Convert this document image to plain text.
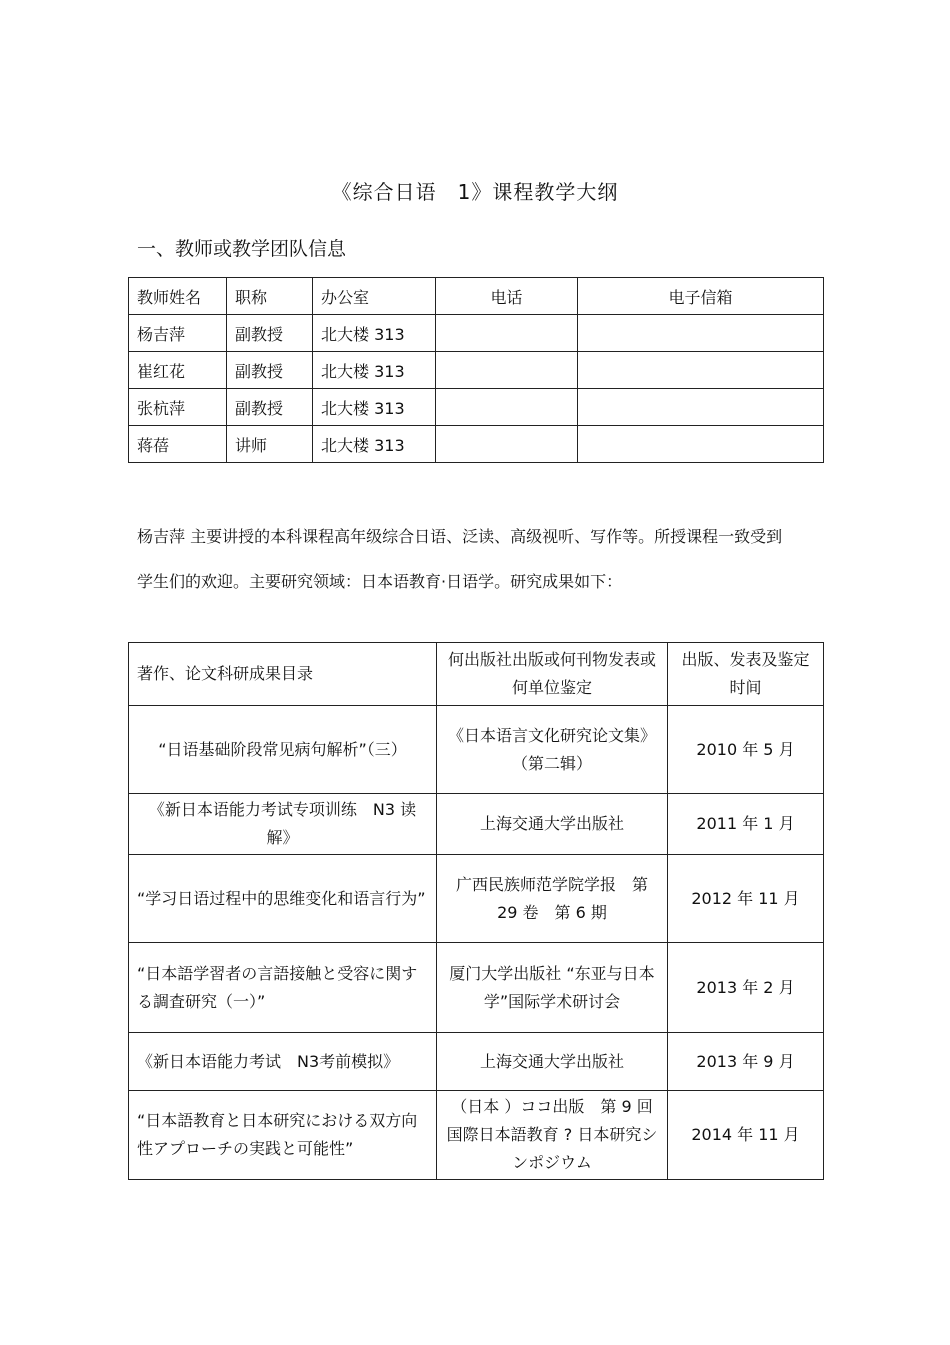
《综合日语　1》课程教学大纲
一、教师或教学团队信息
教师姓名	职称	办公室	电话	电子信箱
杨吉萍	副教授	北大楼 313		
崔红花	副教授	北大楼 313		
张杭萍	副教授	北大楼 313		
蒋蓓	讲师	北大楼 313		
杨吉萍 主要讲授的本科课程高年级综合日语、泛读、高级视听、写作等。所授课程一致受到学生们的欢迎。主要研究领域：日本语教育·日语学。研究成果如下：
著作、论文科研成果目录	何出版社出版或何刊物发表或何单位鉴定	出版、发表及鉴定时间
“日语基础阶段常见病句解析”（三）	《日本语言文化研究论文集》（第二辑）	2010 年 5 月
《新日本语能力考试专项训练　N3 读解》	上海交通大学出版社	2011 年 1 月
“学习日语过程中的思维变化和语言行为”	广西民族师范学院学报　第 29 卷　第 6 期	2012 年 11 月
“日本語学習者の言語接触と受容に関する調査研究（一）”	厦门大学出版社 “东亚与日本学”国际学术研讨会	2013 年 2 月
《新日本语能力考试　N3考前模拟》	上海交通大学出版社	2013 年 9 月
“日本語教育と日本研究における双方向性アプローチの実践と可能性”	（日本 ）ココ出版　第 9 回国際日本語教育 ? 日本研究シンポジウム	2014 年 11 月
